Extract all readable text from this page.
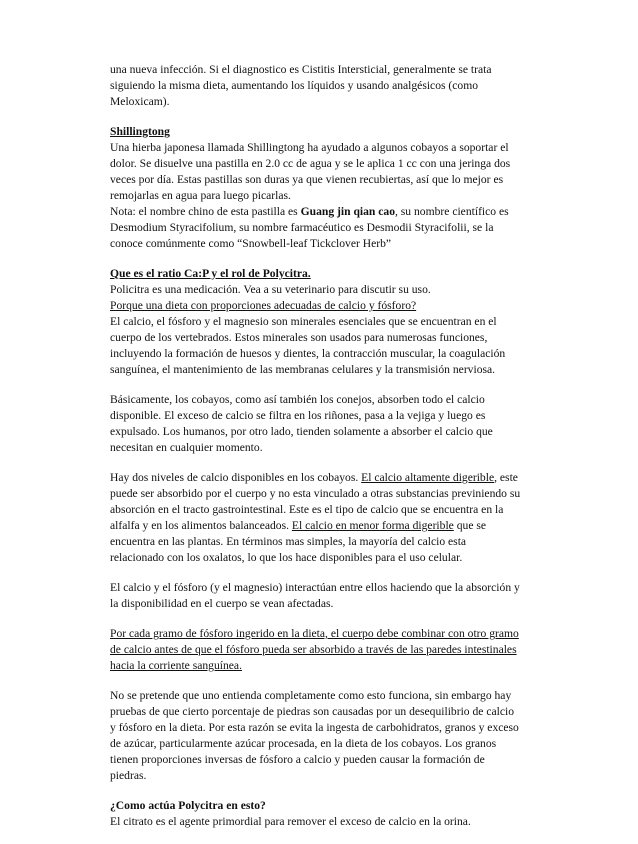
una nueva infección. Si el diagnostico es Cistitis Intersticial, generalmente se trata
siguiendo la misma dieta, aumentando los líquidos y usando analgésicos (como
Meloxicam).

Shillingtong
Una hierba japonesa llamada Shillingtong ha ayudado a algunos cobayos a soportar el
dolor. Se disuelve una pastilla en 2.0 cc de agua y se le aplica 1 cc con una jeringa dos
veces por día. Estas pastillas son duras ya que vienen recubiertas, así que lo mejor es
remojarlas en agua para luego picarlas.
Nota: el nombre chino de esta pastilla es Guang jin qian cao, su nombre científico es
Desmodium Styracifolium, su nombre farmacéutico es Desmodii Styracifolii, se la
conoce comúnmente como “Snowbell-leaf Tickclover Herb”

Que es el ratio Ca:P y el rol de Polycitra.
Policitra es una medicación. Vea a su veterinario para discutir su uso.
Porque una dieta con proporciones adecuadas de calcio y fósforo?
El calcio, el fósforo y el magnesio son minerales esenciales que se encuentran en el
cuerpo de los vertebrados. Estos minerales son usados para numerosas funciones,
incluyendo la formación de huesos y dientes, la contracción muscular, la coagulación
sanguínea, el mantenimiento de las membranas celulares y la transmisión nerviosa.

Básicamente, los cobayos, como así también los conejos, absorben todo el calcio
disponible. El exceso de calcio se filtra en los riñones, pasa a la vejiga y luego es
expulsado. Los humanos, por otro lado, tienden solamente a absorber el calcio que
necesitan en cualquier momento.

Hay dos niveles de calcio disponibles en los cobayos. El calcio altamente digerible, este
puede ser absorbido por el cuerpo y no esta vinculado a otras substancias previniendo su
absorción en el tracto gastrointestinal. Este es el tipo de calcio que se encuentra en la
alfalfa y en los alimentos balanceados. El calcio en menor forma digerible que se
encuentra en las plantas. En términos mas simples, la mayoría del calcio esta
relacionado con los oxalatos, lo que los hace disponibles para el uso celular.

El calcio y el fósforo (y el magnesio) interactúan entre ellos haciendo que la absorción y
la disponibilidad en el cuerpo se vean afectadas.

Por cada gramo de fósforo ingerido en la dieta, el cuerpo debe combinar con otro gramo
de calcio antes de que el fósforo pueda ser absorbido a través de las paredes intestinales
hacia la corriente sanguínea.

No se pretende que uno entienda completamente como esto funciona, sin embargo hay
pruebas de que cierto porcentaje de piedras son causadas por un desequilibrio de calcio
y fósforo en la dieta. Por esta razón se evita la ingesta de carbohidratos, granos y exceso
de azúcar, particularmente azúcar procesada, en la dieta de los cobayos. Los granos
tienen proporciones inversas de fósforo a calcio y pueden causar la formación de
piedras.

¿Como actúa Polycitra en esto?
El citrato es el agente primordial para remover el exceso de calcio en la orina.
